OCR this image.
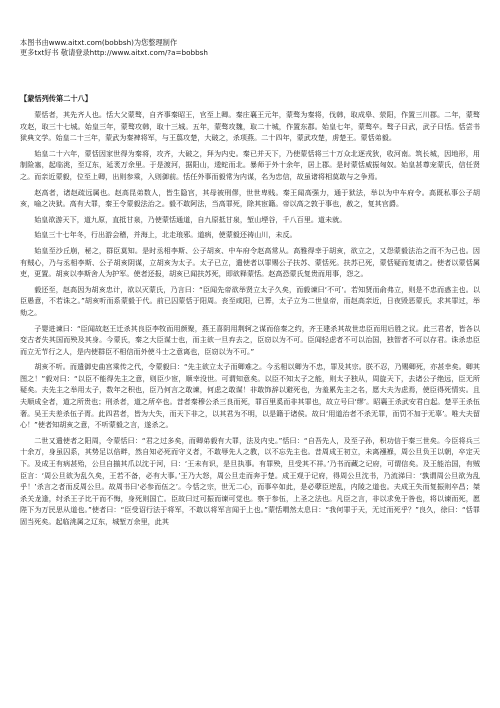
本图书由www.aitxt.com(bobbsh)为您整理制作
更多txt好书 敬请登录http://www.aitxt.com/?a=bobbsh
【蒙恬列传第二十八】

蒙恬者，其先齐人也。恬大父蒙骜，自齐事秦昭王，官至上卿。秦庄襄王元年，蒙骜为秦将，伐韩，取成皋、荥阳，作置三川郡。二年，蒙骜攻赵，取三十七城。始皇三年，蒙骜攻韩，取十三城。五年，蒙骜攻魏，取二十城，作置东郡。始皇七年，蒙骜卒。骜子曰武，武子曰恬。恬尝书狱典文学。始皇二十三年，蒙武为秦裨将军，与王翦攻楚，大破之，杀项燕。二十四年，蒙武攻楚，虏楚王。蒙恬弟毅。

始皇二十六年，蒙恬因家世得为秦将，攻齐，大破之，拜为内史。秦已并天下，乃使蒙恬将三十万众北逐戎狄，收河南。筑长城，因地形，用制险塞，起临洮，至辽东，延袤万余里。于是渡河，据阳山，逶蛇而北。暴师于外十余年，居上郡。是时蒙恬威振匈奴。始皇甚尊宠蒙氏，信任贤之。而亲近蒙毅，位至上卿，出则参乘，入则御前。恬任外事而毅常为内谋，名为忠信，故虽诸将相莫敢与之争焉。

赵高者，诸赵疏远属也。赵高昆弟数人，皆生隐宫，其母被刑僇，世世卑贱。秦王闻高强力，通于狱法，举以为中车府令。高既私事公子胡亥，喻之决狱。高有大罪，秦王令蒙毅法治之。毅不敢阿法，当高罪死，除其宦籍。帝以高之敦于事也，赦之，复其官爵。

始皇欲游天下，道九原，直抵甘泉，乃使蒙恬通道，自九原抵甘泉，堑山堙谷，千八百里。道未就。

始皇三十七年冬，行出游会稽，并海上，北走琅邪。道病，使蒙毅还祷山川，未反。

始皇至沙丘崩，秘之，群臣莫知。是时丞相李斯、公子胡亥、中车府令赵高常从。高雅得幸于胡亥，欲立之，又怨蒙毅法治之而不为己也。因有贼心，乃与丞相李斯、公子胡亥阴谋，立胡亥为太子。太子已立，遣使者以罪赐公子扶苏、蒙恬死。扶苏已死，蒙恬疑而复请之。使者以蒙恬属吏，更置。胡亥以李斯舍人为护军。使者还报，胡亥已闻扶苏死，即欲释蒙恬。赵高恐蒙氏复贵而用事，怨之。

毅还至，赵高因为胡亥忠计，欲以灭蒙氏，乃言曰：“臣闻先帝欲举贤立太子久矣，而毅谏曰‘不可’。若知贤而俞弗立，则是不忠而惑主也。以臣愚意，不若诛之。”胡亥听而系蒙毅于代。前已囚蒙恬于阳周。丧至咸阳，已葬，太子立为二世皇帝，而赵高亲近，日夜毁恶蒙氏，求其罪过，举劾之。

子婴进谏曰：“臣闻故赵王迁杀其良臣李牧而用颜聚，燕王喜阴用荆轲之谋而倍秦之约，齐王建杀其故世忠臣而用后胜之议。此三君者，皆各以变古者失其国而殃及其身。今蒙氏，秦之大臣谋士也，而主欲一旦弃去之，臣窃以为不可。臣闻轻虑者不可以治国，独智者不可以存君。诛杀忠臣而立无节行之人，是内使群臣不相信而外使斗士之意离也，臣窃以为不可。”

胡亥不听。而遣御史曲宫乘传之代，令蒙毅曰：“先主欲立太子而卿难之。今丞相以卿为不忠，罪及其宗。朕不忍，乃赐卿死，亦甚幸矣。卿其图之！”毅对曰：“以臣不能得先主之意，则臣少宦，顺幸没世。可谓知意矣。以臣不知太子之能，则太子独从，周旋天下，去诸公子绝远，臣无所疑矣。夫先主之举用太子，数年之积也，臣乃何言之敢谏，何虑之敢谋！非敢饰辞以避死也，为羞累先主之名，愿大夫为虑焉，使臣得死情实。且夫顺成全者，道之所贵也；刑杀者，道之所卒也。昔者秦穆公杀三良而死，罪百里奚而非其罪也，故立号曰‘缪’。昭襄王杀武安君白起。楚平王杀伍奢。吴王夫差杀伍子胥。此四君者，皆为大失，而天下非之，以其君为不明，以是籍于诸侯。故曰‘用道治者不杀无罪，而罚不加于无辜’。唯大夫留心！”使者知胡亥之意，不听蒙毅之言，遂杀之。

二世又遣使者之阳周，令蒙恬曰：“君之过多矣，而卿弟毅有大罪，法及内史。”恬曰：“自吾先人，及至子孙，积功信于秦三世矣。今臣将兵三十余万，身虽囚系，其势足以倍畔，然自知必死而守义者，不敢辱先人之教，以不忘先主也。昔周成王初立，未离襁褓，周公旦负王以朝，卒定天下。及成王有病甚殆，公旦自揃其爪以沈于河，曰：‘王未有识，是旦执事。有罪殃，旦受其不祥。’乃书而藏之记府，可谓信矣。及王能治国，有贼臣言：‘周公旦欲为乱久矣，王若不备，必有大事。’王乃大怒，周公旦走而奔于楚。成王观于记府，得周公旦沈书，乃流涕曰：‘孰谓周公旦欲为乱乎！’杀言之者而反周公旦。故周书曰‘必参而伍之’。今恬之宗，世无二心，而事卒如此，是必孽臣逆乱，内陵之道也。夫成王失而复振则卒昌；桀杀关龙逢，纣杀王子比干而不悔，身死则国亡。臣故曰过可振而谏可觉也。察于参伍，上圣之法也。凡臣之言，非以求免于咎也，将以谏而死，愿陛下为万民思从道也。”使者曰：“臣受诏行法于将军，不敢以将军言闻于上也。”蒙恬喟然太息曰：“我何罪于天，无过而死乎？”良久，徐曰：“恬罪固当死矣。起临洮属之辽东，城堑万余里，此其
